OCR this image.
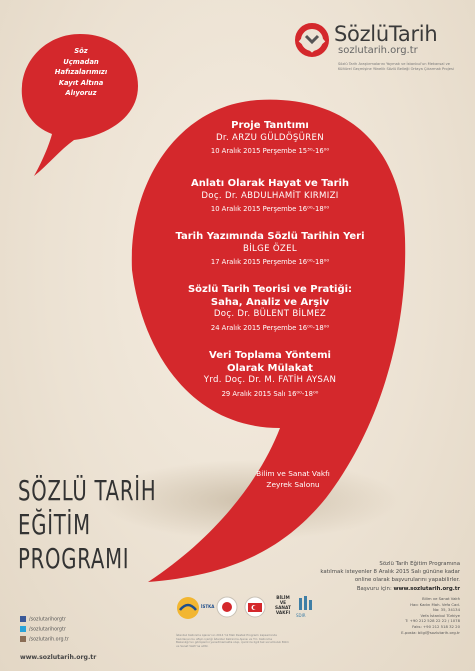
SözlüTarih
sozlutarih.org.tr
Sözlü Tarih Araştırmalarını Yaymak ve İstanbul'un Mekansal ve Kültürel Geçmişine Yönelik Sözlü Belleği Ortaya Çıkarmak Projesi
Söz
Uçmadan
Hafızalarımızı
Kayıt Altına
Alıyoruz
Proje Tanıtımı
Dr. ARZU GÜLDÖŞÜREN
10 Aralık 2015 Perşembe 15³⁰-16⁰⁰
Anlatı Olarak Hayat ve Tarih
Doç. Dr. ABDULHAMİT KIRMIZI
10 Aralık 2015 Perşembe 16⁰⁰-18⁰⁰
Tarih Yazımında Sözlü Tarihin Yeri
BİLGE ÖZEL
17 Aralık 2015 Perşembe 16⁰⁰-18⁰⁰
Sözlü Tarih Teorisi ve Pratiği:
Saha, Analiz ve Arşiv
Doç. Dr. BÜLENT BİLMEZ
24 Aralık 2015 Perşembe 16⁰⁰-18⁰⁰
Veri Toplama Yöntemi
Olarak Mülakat
Yrd. Doç. Dr. M. FATİH AYSAN
29 Aralık 2015 Salı 16⁰⁰-18⁰⁰
Bilim ve Sanat Vakfı
Zeyrek Salonu
SÖZLÜ TARİH
EĞİTİM
PROGRAMI	Sözlü Tarih Eğitim Programına
katılmak isteyenler 8 Aralık 2015 Salı gününe kadar
online olarak başvurularını yapabilirler.
Başvuru için: www.sozlutarih.org.tr
/sozlutarihorgtr
/sozlutarihorgtr
/sozlutarih.org.tr
www.sozlutarih.org.tr
İSTKA
BİLİM
VE
SANAT
VAKFI	SDIR
İstanbul Kalkınma Ajansı'nın 2014 Yılı Mali Destek Programı kapsamında hazırlanan bu afişin içeriği İstanbul Kalkınma Ajansı ve T.C. Kalkınma Bakanlığı'nın görüşlerini yansıtmamakta olup, içerik ile ilgili tek sorumluluk Bilim ve Sanat Vakfı'na aittir.
Bilim ve Sanat Vakfı
Hacı Kadın Mah. Vefa Cad.
No: 35, 34134
Vefa İstanbul Türkiye
T: +90 212 528 22 22 / 1078
Faks: +90 212 518 32 20
E-posta: bilgi@sozlutarih.org.tr
